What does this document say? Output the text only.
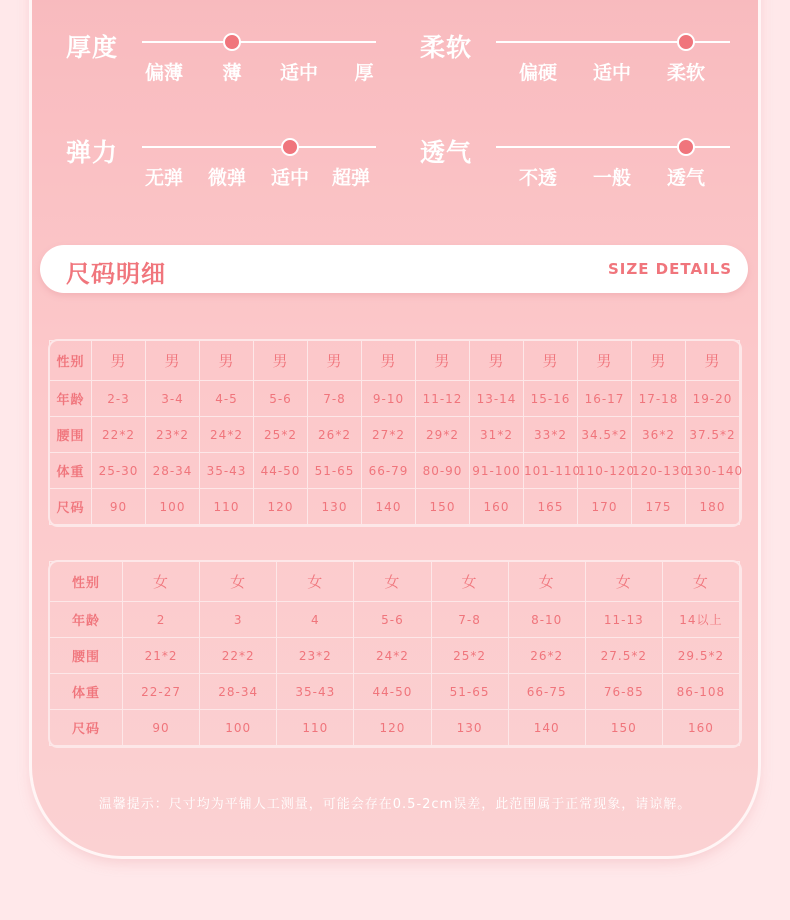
厚度
偏薄 薄 适中 厚
柔软
偏硬 适中 柔软
弹力
无弹 微弹 适中 超弹
透气
不透 一般 透气
尺码明细	SIZE DETAILS
性别	男	男	男	男	男	男	男	男	男	男	男	男
年龄	2-3	3-4	4-5	5-6	7-8	9-10	11-12	13-14	15-16	16-17	17-18	19-20
腰围	22*2	23*2	24*2	25*2	26*2	27*2	29*2	31*2	33*2	34.5*2	36*2	37.5*2
体重	25-30	28-34	35-43	44-50	51-65	66-79	80-90	91-100	101-110	110-120	120-130	130-140
尺码	90	100	110	120	130	140	150	160	165	170	175	180
性别	女	女	女	女	女	女	女	女
年龄	2	3	4	5-6	7-8	8-10	11-13	14以上
腰围	21*2	22*2	23*2	24*2	25*2	26*2	27.5*2	29.5*2
体重	22-27	28-34	35-43	44-50	51-65	66-75	76-85	86-108
尺码	90	100	110	120	130	140	150	160
温馨提示：尺寸均为平铺人工测量，可能会存在0.5-2cm误差，此范围属于正常现象，请谅解。
